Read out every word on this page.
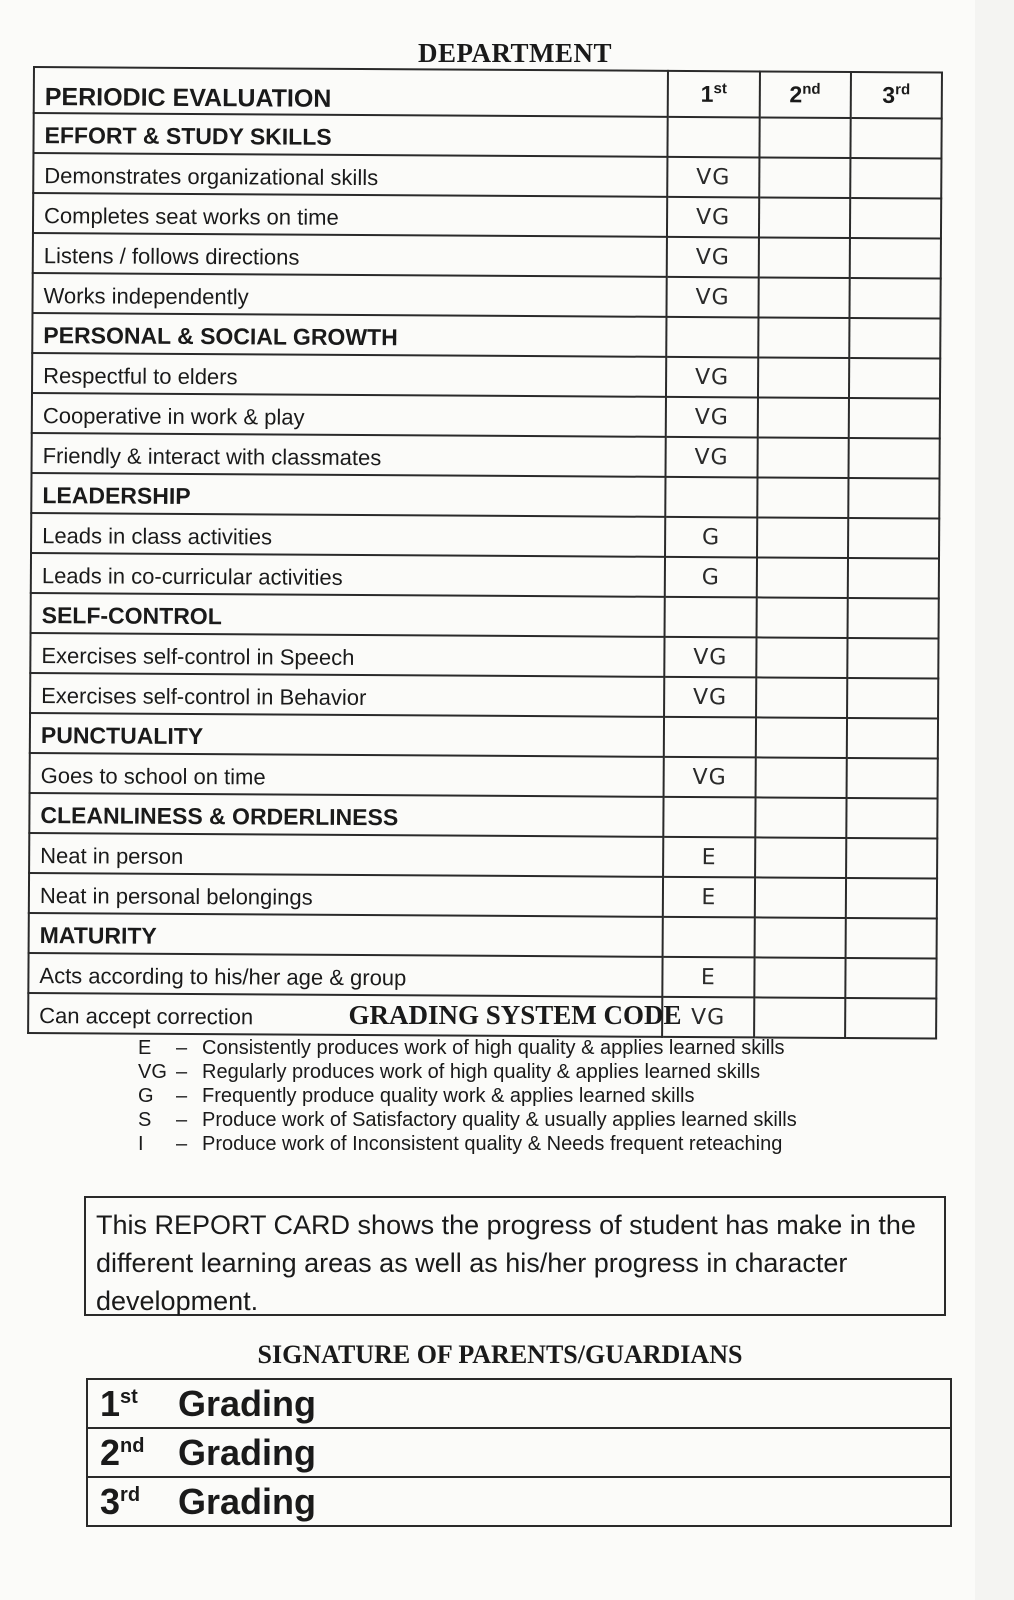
DEPARTMENT
PERIODIC EVALUATION	1st	2nd	3rd
EFFORT & STUDY SKILLS			
Demonstrates organizational skills	VG		
Completes seat works on time	VG		
Listens / follows directions	VG		
Works independently	VG		
PERSONAL & SOCIAL GROWTH			
Respectful to elders	VG		
Cooperative in work & play	VG		
Friendly & interact with classmates	VG		
LEADERSHIP			
Leads in class activities	G		
Leads in co-curricular activities	G		
SELF-CONTROL			
Exercises self-control in Speech	VG		
Exercises self-control in Behavior	VG		
PUNCTUALITY			
Goes to school on time	VG		
CLEANLINESS & ORDERLINESS			
Neat in person	E		
Neat in personal belongings	E		
MATURITY			
Acts according to his/her age & group	E		
Can accept correction	VG		
GRADING SYSTEM CODE
E	– Consistently produces work of high quality & applies learned skills
VG – Regularly produces work of high quality & applies learned skills
G	– Frequently produce quality work & applies learned skills
S	– Produce work of Satisfactory quality & usually applies learned skills
I	– Produce work of Inconsistent quality & Needs frequent reteaching
This REPORT CARD shows the progress of student has make in the different learning areas as well as his/her progress in character development.
SIGNATURE OF PARENTS/GUARDIANS
1st Grading
2nd Grading
3rd Grading
